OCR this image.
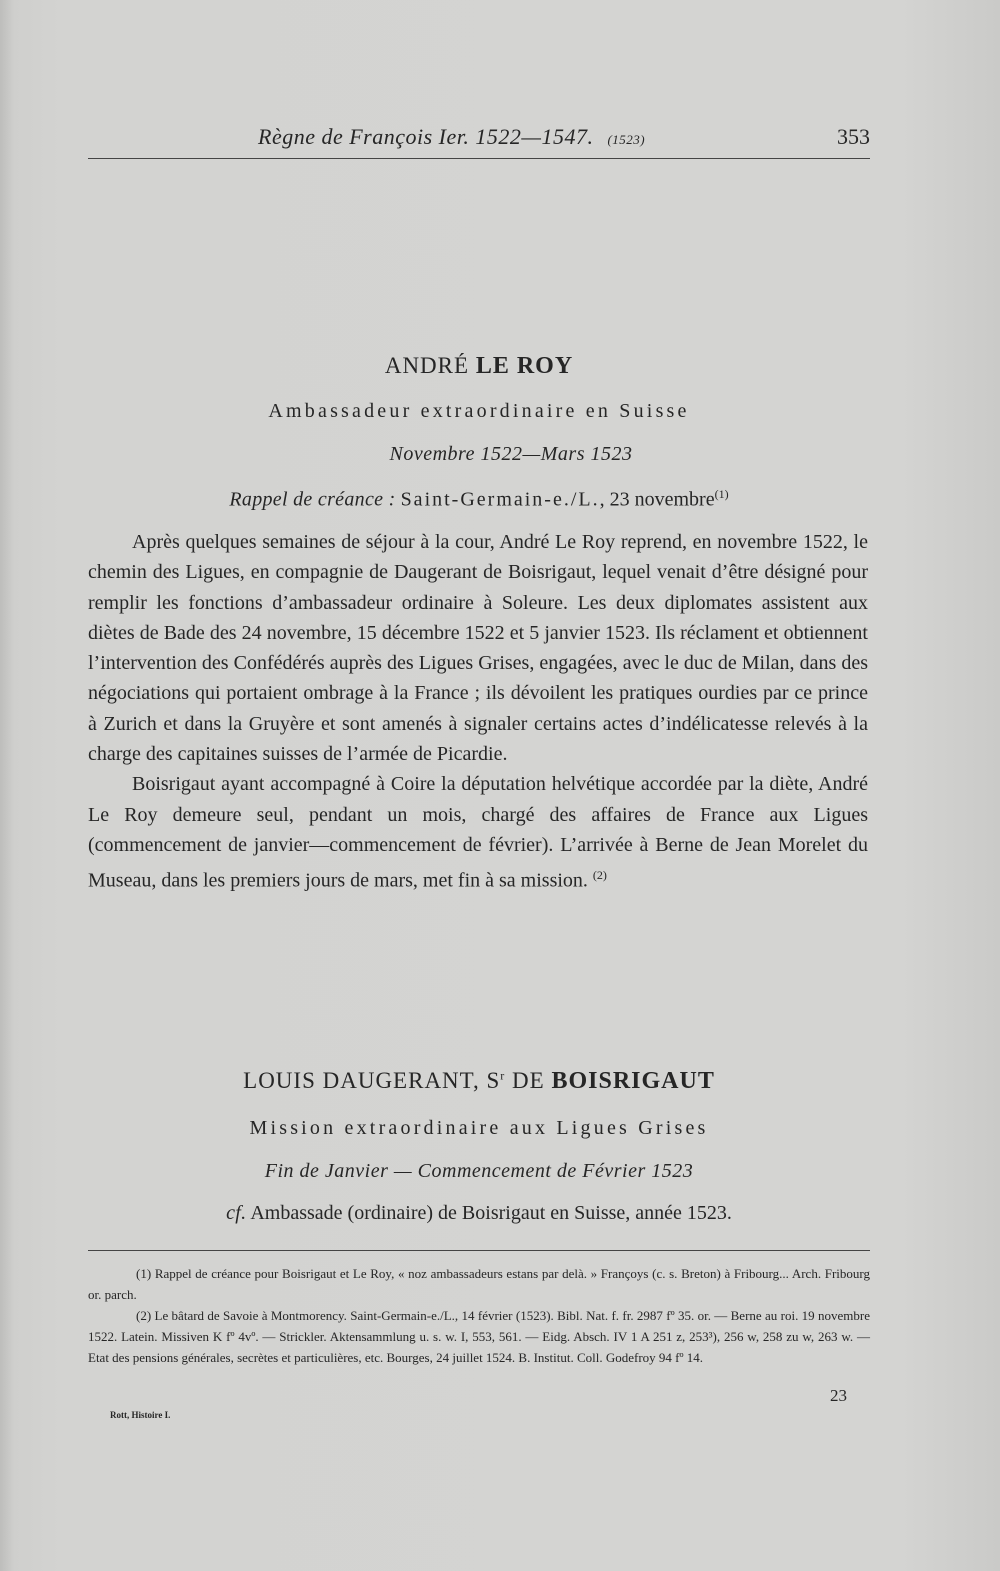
Règne de François Ier. 1522—1547. (1523)	353
ANDRÉ LE ROY
Ambassadeur extraordinaire en Suisse
Novembre 1522—Mars 1523
Rappel de créance : Saint-Germain-e./L., 23 novembre$^{(1)}$

Après quelques semaines de séjour à la cour, André Le Roy reprend, en novembre 1522, le chemin des Ligues, en compagnie de Daugerant de Boisrigaut, lequel venait d’être désigné pour remplir les fonctions d’ambassadeur ordinaire à Soleure. Les deux diplomates assistent aux diètes de Bade des 24 novembre, 15 décembre 1522 et 5 janvier 1523. Ils réclament et obtiennent l’intervention des Confédérés auprès des Ligues Grises, engagées, avec le duc de Milan, dans des négociations qui portaient ombrage à la France ; ils dévoilent les pratiques ourdies par ce prince à Zurich et dans la Gruyère et sont amenés à signaler certains actes d’indélicatesse relevés à la charge des capitaines suisses de l’armée de Picardie.

Boisrigaut ayant accompagné à Coire la députation helvétique accordée par la diète, André Le Roy demeure seul, pendant un mois, chargé des affaires de France aux Ligues (commencement de janvier—commencement de février). L’arrivée à Berne de Jean Morelet du Museau, dans les premiers jours de mars, met fin à sa mission. $^{(2)}$

LOUIS DAUGERANT, $S^r$ DE BOISRIGAUT
Mission extraordinaire aux Ligues Grises
Fin de Janvier — Commencement de Février 1523
cf. Ambassade (ordinaire) de Boisrigaut en Suisse, année 1523.

(1) Rappel de créance pour Boisrigaut et Le Roy, « noz ambassadeurs estans par delà. » Françoys (c. s. Breton) à Fribourg... Arch. Fribourg or. parch.

(2) Le bâtard de Savoie à Montmorency. Saint-Germain-e./L., 14 février (1523). Bibl. Nat. f. fr. 2987 fº 35. or. — Berne au roi. 19 novembre 1522. Latein. Missiven K fº 4vº. — Strickler. Aktensammlung u. s. w. I, 553, 561. — Eidg. Absch. IV 1 A 251 z, 253³), 256 w, 258 zu w, 263 w. — Etat des pensions générales, secrètes et particulières, etc. Bourges, 24 juillet 1524. B. Institut. Coll. Godefroy 94 fº 14.

23
Rott, Histoire I.
